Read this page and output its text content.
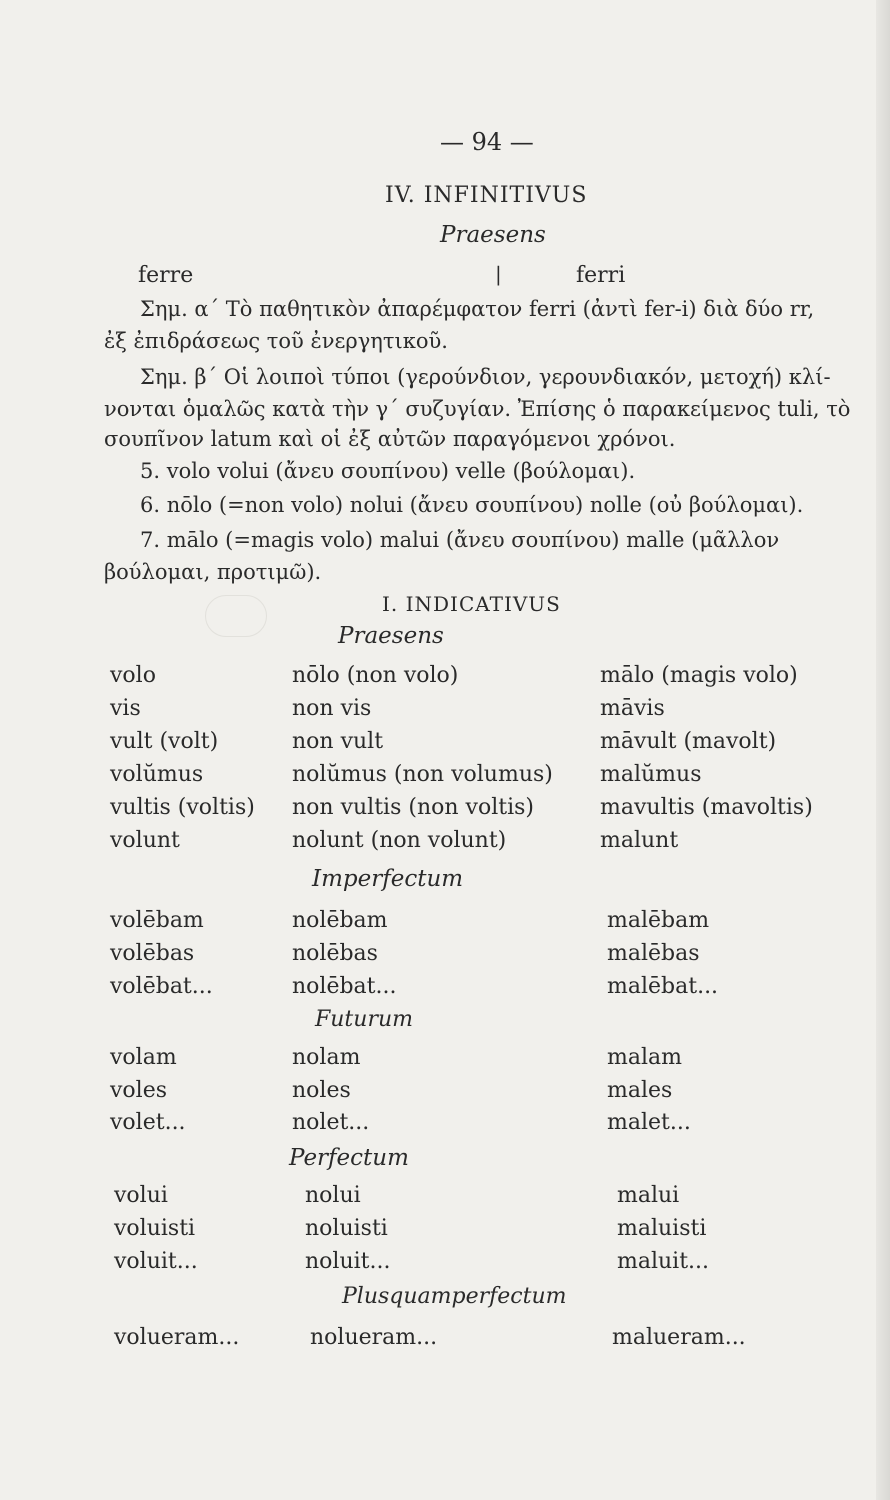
— 94 —
IV. INFINITIVUS
Praesens
ferre	|	ferri
Σημ. α΄ Τὸ παθητικὸν ἀπαρέμφατον ferri (ἀντὶ fer-i) διὰ δύο rr,
ἐξ ἐπιδράσεως τοῦ ἐνεργητικοῦ.
Σημ. β΄ Οἱ λοιποὶ τύποι (γερούνδιον, γερουνδιακόν, μετοχή) κλί-
νονται ὁμαλῶς κατὰ τὴν γ΄ συζυγίαν. Ἐπίσης ὁ παρακείμενος tuli, τὸ
σουπῖνον latum καὶ οἱ ἐξ αὐτῶν παραγόμενοι χρόνοι.
5. volo volui (ἄνευ σουπίνου) velle (βούλομαι).
6. nōlo (=non volo) nolui (ἄνευ σουπίνου) nolle (οὐ βούλομαι).
7. mālo (=magis volo) malui (ἄνευ σουπίνου) malle (μᾶλλον
βούλομαι, προτιμῶ).
I. INDICATIVUS
Praesens
volo	nōlo (non volo)	mālo (magis volo)
vis	non vis	māvis
vult (volt)	non vult	māvult (mavolt)
volŭmus	nolŭmus (non volumus) malŭmus
vultis (voltis) non vultis (non voltis)	mavultis (mavoltis)
volunt	nolunt (non volunt)	malunt
Imperfectum
volēbam	nolēbam	malēbam
volēbas	nolēbas	malēbas
volēbat...	nolēbat...	malēbat...
Futurum
volam	nolam	malam
voles	noles	males
volet...	nolet...	malet...
Perfectum
volui	nolui	malui
voluisti	noluisti	maluisti
voluit...	noluit...	maluit...
Plusquamperfectum
volueram...	nolueram...	malueram...
